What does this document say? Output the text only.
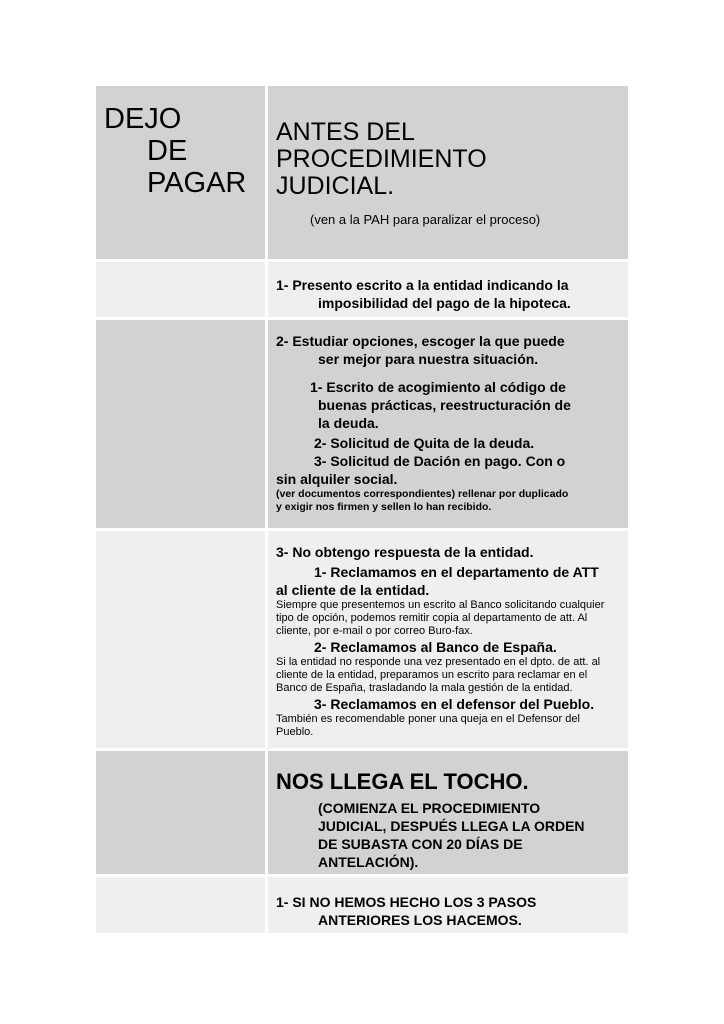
DEJO
DE
PAGAR
ANTES DEL
PROCEDIMIENTO
JUDICIAL.
(ven a la PAH para paralizar el proceso)
1- Presento escrito a la entidad indicando la
imposibilidad del pago de la hipoteca.
2- Estudiar opciones, escoger la que puede
ser mejor para nuestra situación.
1- Escrito de acogimiento al código de
buenas prácticas, reestructuración de
la deuda.
2- Solicitud de Quita de la deuda.
3- Solicitud de Dación en pago. Con o
sin alquiler social.
(ver documentos correspondientes) rellenar por duplicado
y exigir nos firmen y sellen lo han recibido.
3- No obtengo respuesta de la entidad.
1- Reclamamos en el departamento de ATT
al cliente de la entidad.
Siempre que presentemos un escrito al Banco solicitando cualquier tipo de opción, podemos remitir copia al departamento de att. Al cliente, por e-mail o por correo Buro-fax.
2- Reclamamos al Banco de España.
Si la entidad no responde una vez presentado en el dpto. de att. al cliente de la entidad, preparamos un escrito para reclamar en el Banco de España, trasladando la mala gestión de la entidad.
3- Reclamamos en el defensor del Pueblo.
También es recomendable poner una queja en el Defensor del Pueblo.
NOS LLEGA EL TOCHO.
(COMIENZA EL PROCEDIMIENTO
JUDICIAL, DESPUÉS LLEGA LA ORDEN
DE SUBASTA CON 20 DÍAS DE
ANTELACIÓN).
1- SI NO HEMOS HECHO LOS 3 PASOS
ANTERIORES LOS HACEMOS.
